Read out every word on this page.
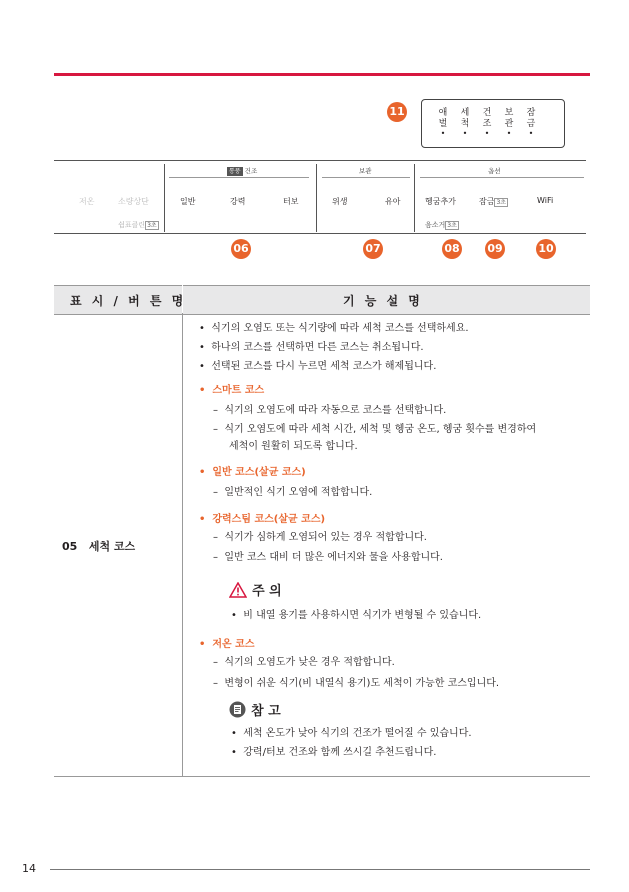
11	애
벌
•
세
척
•
건
조
•
보
관
•
잠
금
•
통풍 건조	보관	옵션
저온	소량상단	일반	강력	터보	위생	유아	헹굼추가	잠금 3초	WiFi
쉼표클린 3초	음소거 3초
06	07	08	09	10
표 시 / 버 튼 명	기 능 설 명
05 세척 코스
•  식기의 오염도 또는 식기량에 따라 세척 코스를 선택하세요.
•  하나의 코스를 선택하면 다른 코스는 취소됩니다.
•  선택된 코스를 다시 누르면 세척 코스가 해제됩니다.
•  스마트 코스
–  식기의 오염도에 따라 자동으로 코스를 선택합니다.
–  식기 오염도에 따라 세척 시간, 세척 및 헹굼 온도, 헹굼 횟수를 변경하여
세척이 원활히 되도록 합니다.
•  일반 코스(살균 코스)
–  일반적인 식기 오염에 적합합니다.
•  강력스팀 코스(살균 코스)
–  식기가 심하게 오염되어 있는 경우 적합합니다.
–  일반 코스 대비 더 많은 에너지와 물을 사용합니다.
주 의
•  비 내열 용기를 사용하시면 식기가 변형될 수 있습니다.
•  저온 코스
–  식기의 오염도가 낮은 경우 적합합니다.
–  변형이 쉬운 식기(비 내열식 용기)도 세척이 가능한 코스입니다.
참 고
•  세척 온도가 낮아 식기의 건조가 떨어질 수 있습니다.
•  강력/터보 건조와 함께 쓰시길 추천드립니다.
14
